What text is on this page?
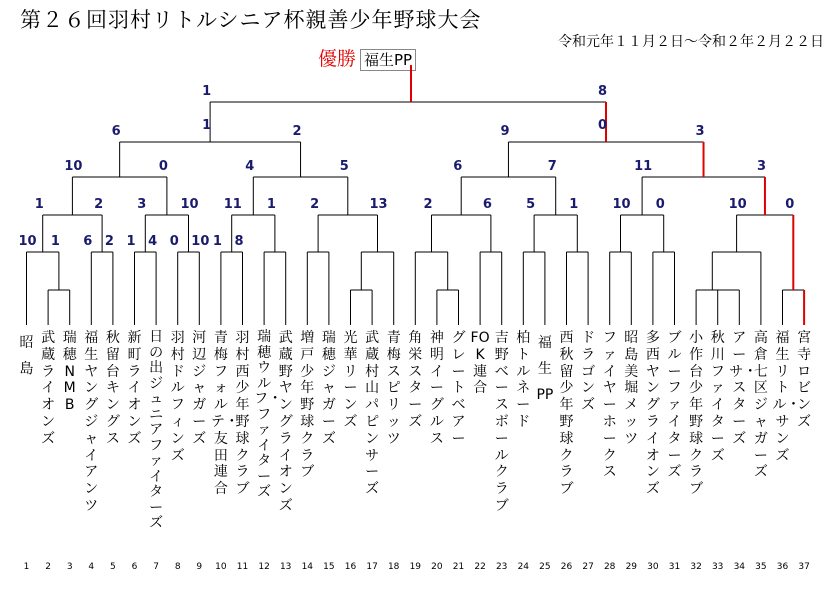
第２６回羽村リトルシニア杯親善少年野球大会
令和元年１１月２日～令和２年２月２２日
優勝 福生PP
昭島
1
武蔵ライオンズ
2
瑞穂NMB
3
福生ヤングジャイアンツ
4
秋留台キングス
5
新町ライオンズ
6
日の出ジュニアファイターズ
7
羽村ドルフィンズ
8
河辺ジャガーズ
9
青梅フォルテ・友田連合
10
羽村西少年野球クラブ
11
瑞穂ウルフ・ファイターズ
12
武蔵野ヤングライオンズ
13
増戸少年野球クラブ
14
瑞穂ジャガーズ
15
光華リーンズ
16
武蔵村山パピンサーズ
17
青梅スピリッツ
18
角栄スターズ
19
神明イーグルス
20
グレートベアー
21
FOK連合
22
吉野ベースボールクラブ
23
柏トルネード
24
福生PP
25
西秋留少年野球クラブ
26
ドラゴンズ
27
ファイヤーホークス
28
昭島美堀メッツ
29
多西ヤングライオンズ
30
ブルーファイターズ
31
小作台少年野球クラブ
32
秋川ファイターズ
33
アーサ・スターズ
34
高倉七区ジャガーズ
35
福生リトル・サンズ
36
宮寺ロビンズ
37
1	8
6	2	9	3
10	0	4	5	6	7	11	3
1	2	3	10 11 1	2	13	2	6	5	1	10 0	10	0
10 1 6 2 1 4 0 10 1 8
1	0
